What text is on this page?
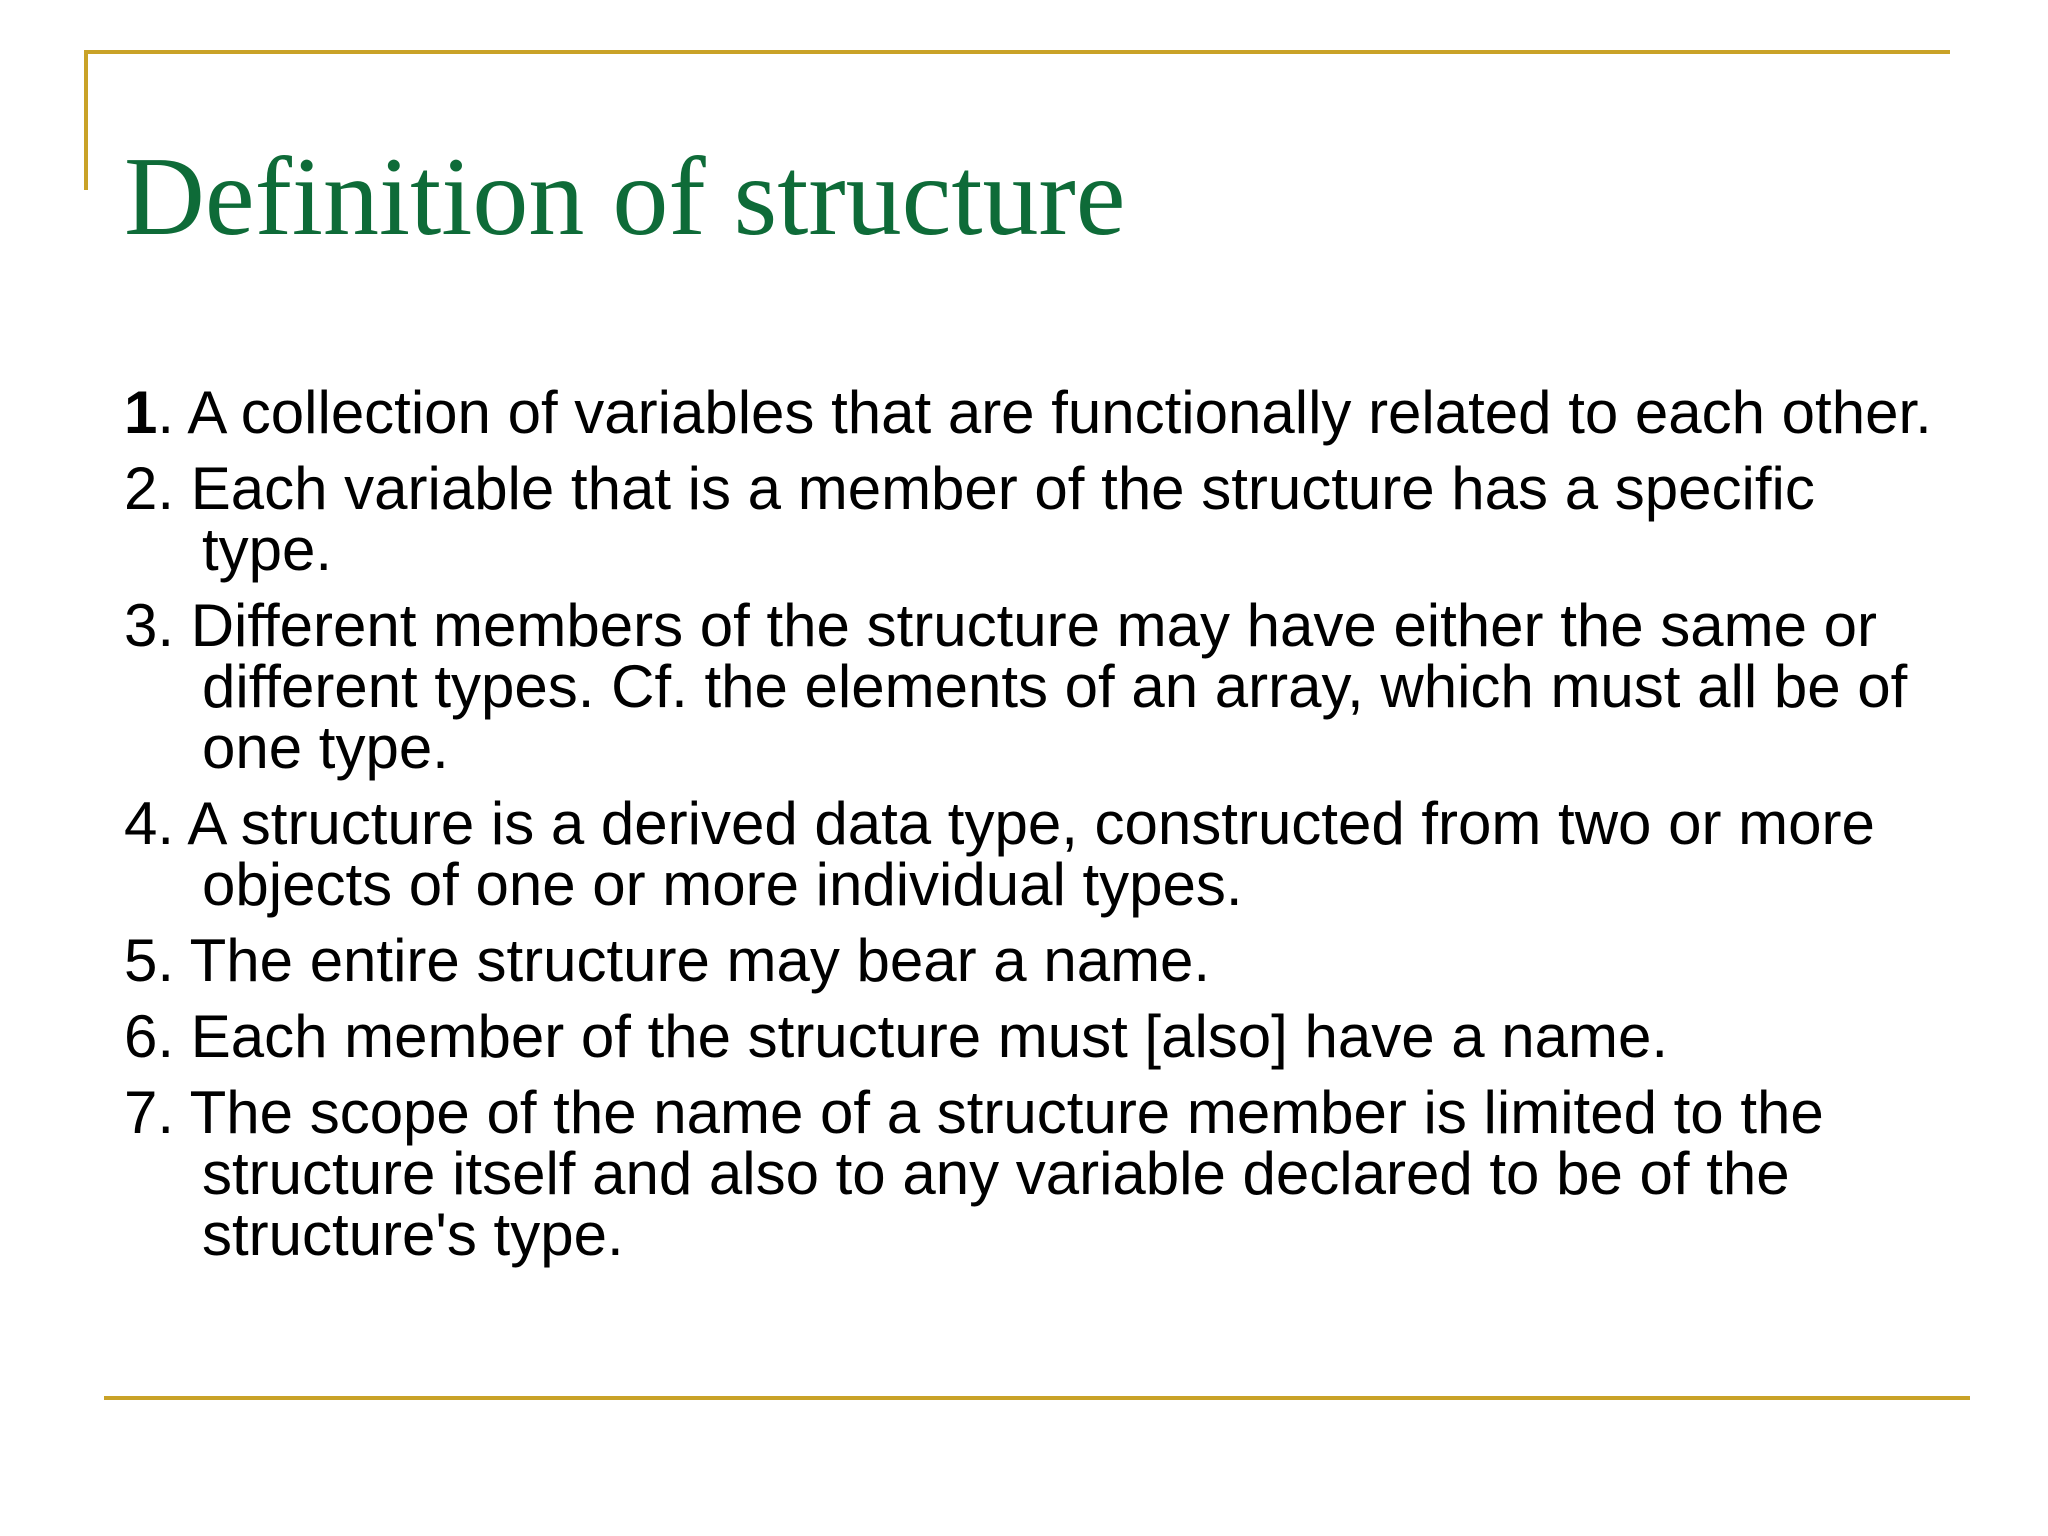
Definition of structure
1. A collection of variables that are functionally related to each other.
2. Each variable that is a member of the structure has a specific type.
3. Different members of the structure may have either the same or different types. Cf. the elements of an array, which must all be of one type.
4. A structure is a derived data type, constructed from two or more objects of one or more individual types.
5. The entire structure may bear a name.
6. Each member of the structure must [also] have a name.
7. The scope of the name of a structure member is limited to the structure itself and also to any variable declared to be of the structure's type.
